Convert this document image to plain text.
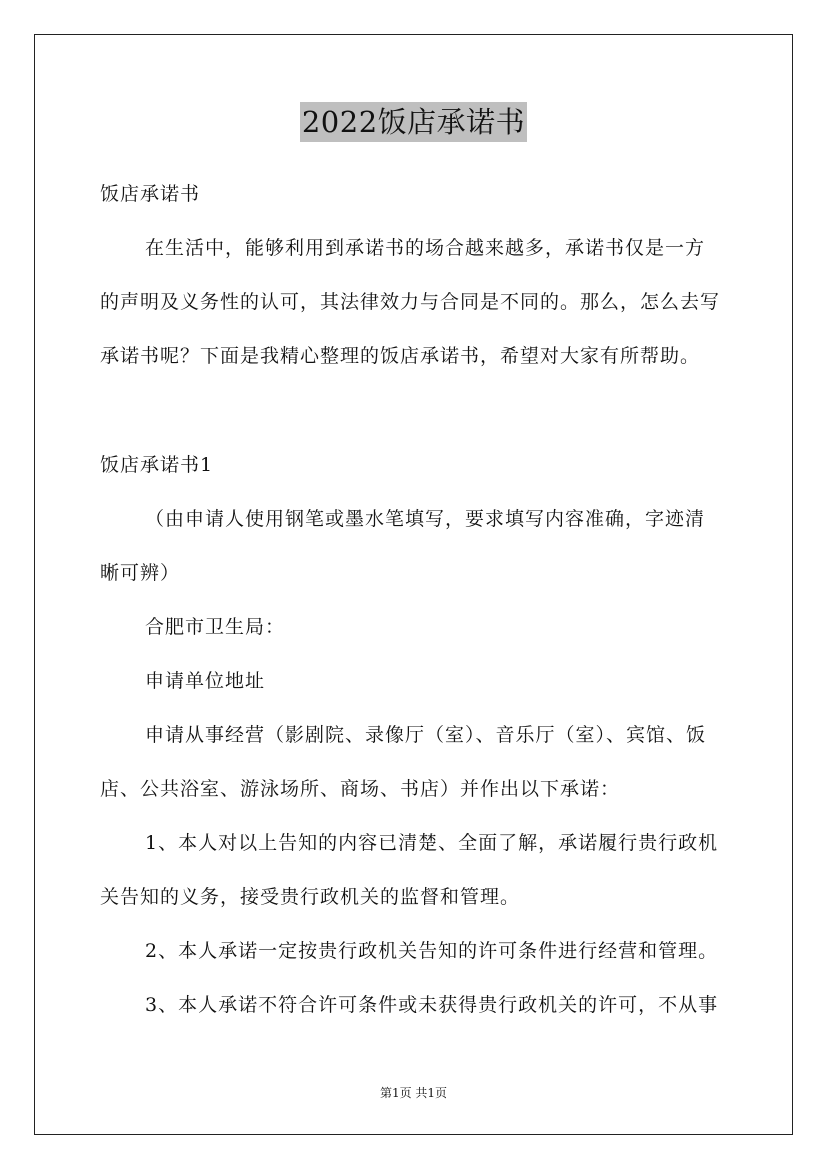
2022饭店承诺书
饭店承诺书
在生活中，能够利用到承诺书的场合越来越多，承诺书仅是一方
的声明及义务性的认可，其法律效力与合同是不同的。那么，怎么去写
承诺书呢？下面是我精心整理的饭店承诺书，希望对大家有所帮助。
饭店承诺书1
（由申请人使用钢笔或墨水笔填写，要求填写内容准确，字迹清
晰可辨）
合肥市卫生局：
申请单位地址
申请从事经营（影剧院、录像厅（室）、音乐厅（室）、宾馆、饭
店、公共浴室、游泳场所、商场、书店）并作出以下承诺：
1、本人对以上告知的内容已清楚、全面了解，承诺履行贵行政机
关告知的义务，接受贵行政机关的监督和管理。
2、本人承诺一定按贵行政机关告知的许可条件进行经营和管理。
3、本人承诺不符合许可条件或未获得贵行政机关的许可，不从事
第1页 共1页
